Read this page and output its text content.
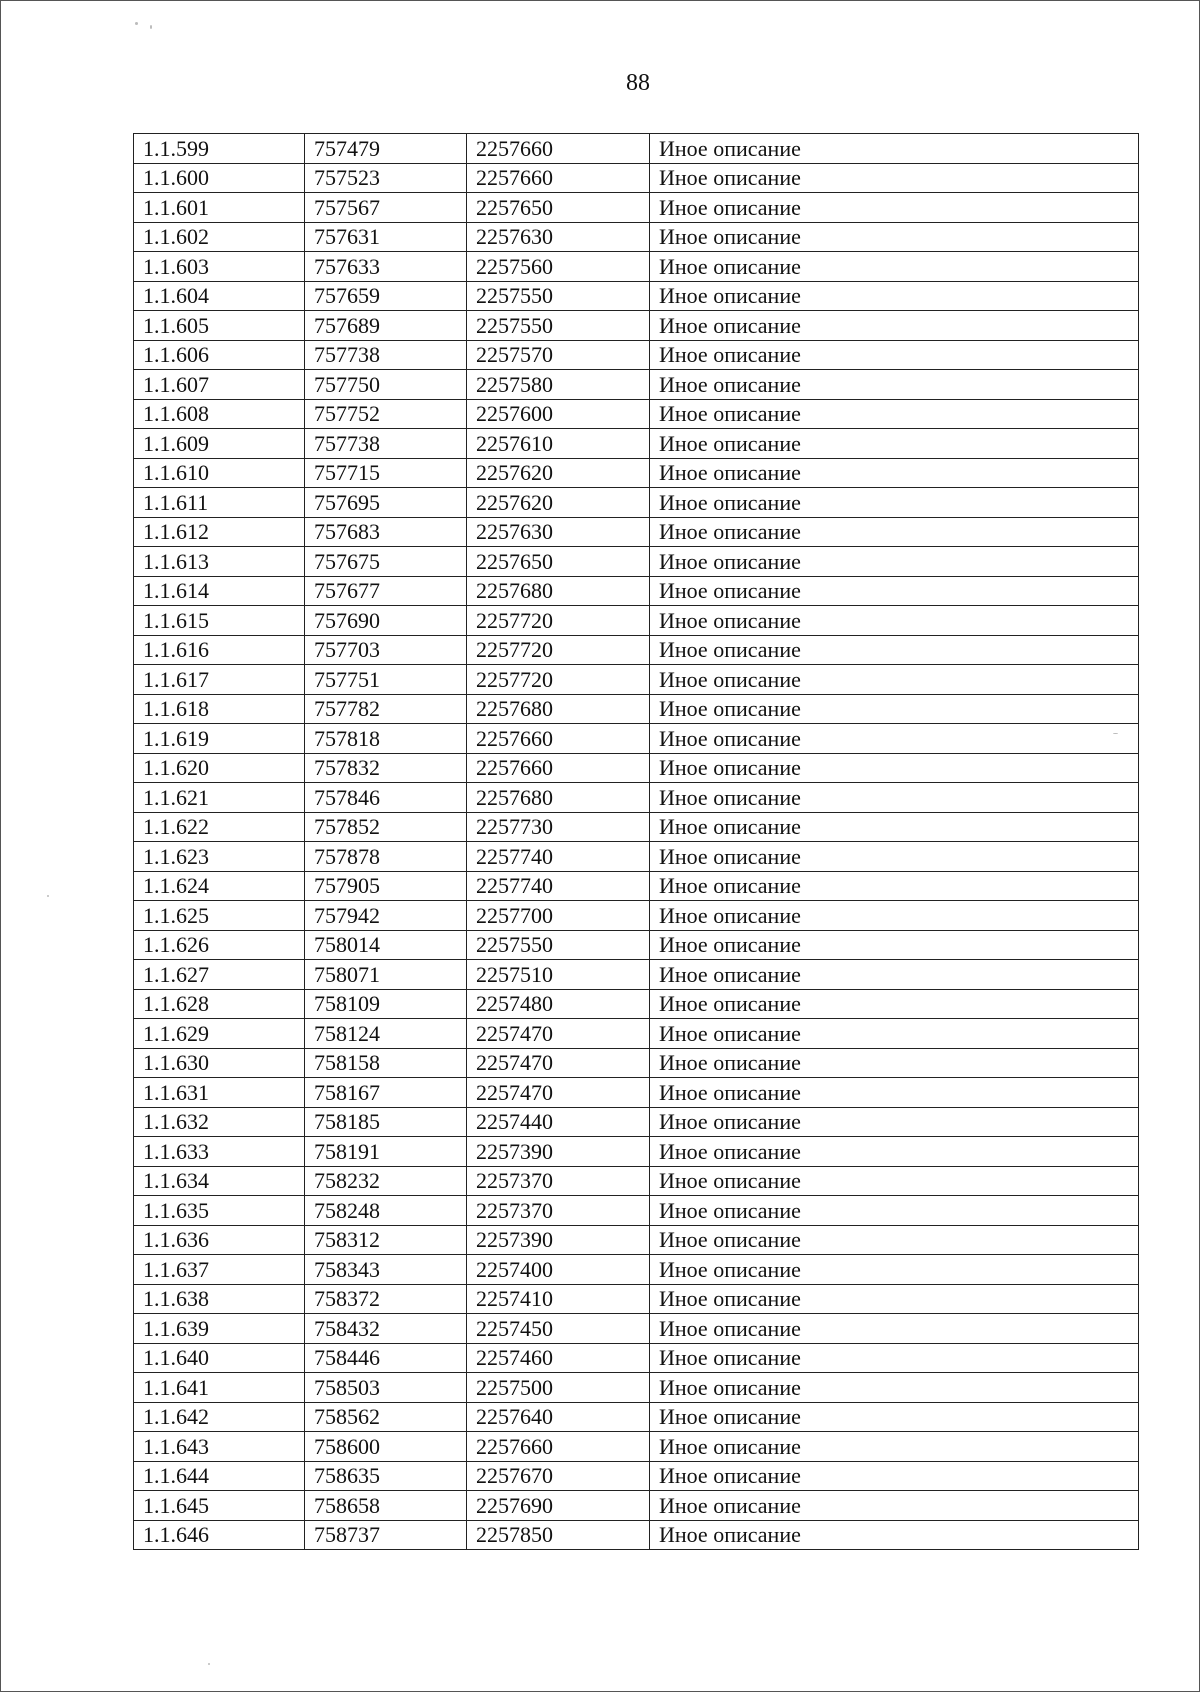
88
1.1.599	757479	2257660	Иное описание
1.1.600	757523	2257660	Иное описание
1.1.601	757567	2257650	Иное описание
1.1.602	757631	2257630	Иное описание
1.1.603	757633	2257560	Иное описание
1.1.604	757659	2257550	Иное описание
1.1.605	757689	2257550	Иное описание
1.1.606	757738	2257570	Иное описание
1.1.607	757750	2257580	Иное описание
1.1.608	757752	2257600	Иное описание
1.1.609	757738	2257610	Иное описание
1.1.610	757715	2257620	Иное описание
1.1.611	757695	2257620	Иное описание
1.1.612	757683	2257630	Иное описание
1.1.613	757675	2257650	Иное описание
1.1.614	757677	2257680	Иное описание
1.1.615	757690	2257720	Иное описание
1.1.616	757703	2257720	Иное описание
1.1.617	757751	2257720	Иное описание
1.1.618	757782	2257680	Иное описание
1.1.619	757818	2257660	Иное описание
1.1.620	757832	2257660	Иное описание
1.1.621	757846	2257680	Иное описание
1.1.622	757852	2257730	Иное описание
1.1.623	757878	2257740	Иное описание
1.1.624	757905	2257740	Иное описание
1.1.625	757942	2257700	Иное описание
1.1.626	758014	2257550	Иное описание
1.1.627	758071	2257510	Иное описание
1.1.628	758109	2257480	Иное описание
1.1.629	758124	2257470	Иное описание
1.1.630	758158	2257470	Иное описание
1.1.631	758167	2257470	Иное описание
1.1.632	758185	2257440	Иное описание
1.1.633	758191	2257390	Иное описание
1.1.634	758232	2257370	Иное описание
1.1.635	758248	2257370	Иное описание
1.1.636	758312	2257390	Иное описание
1.1.637	758343	2257400	Иное описание
1.1.638	758372	2257410	Иное описание
1.1.639	758432	2257450	Иное описание
1.1.640	758446	2257460	Иное описание
1.1.641	758503	2257500	Иное описание
1.1.642	758562	2257640	Иное описание
1.1.643	758600	2257660	Иное описание
1.1.644	758635	2257670	Иное описание
1.1.645	758658	2257690	Иное описание
1.1.646	758737	2257850	Иное описание
